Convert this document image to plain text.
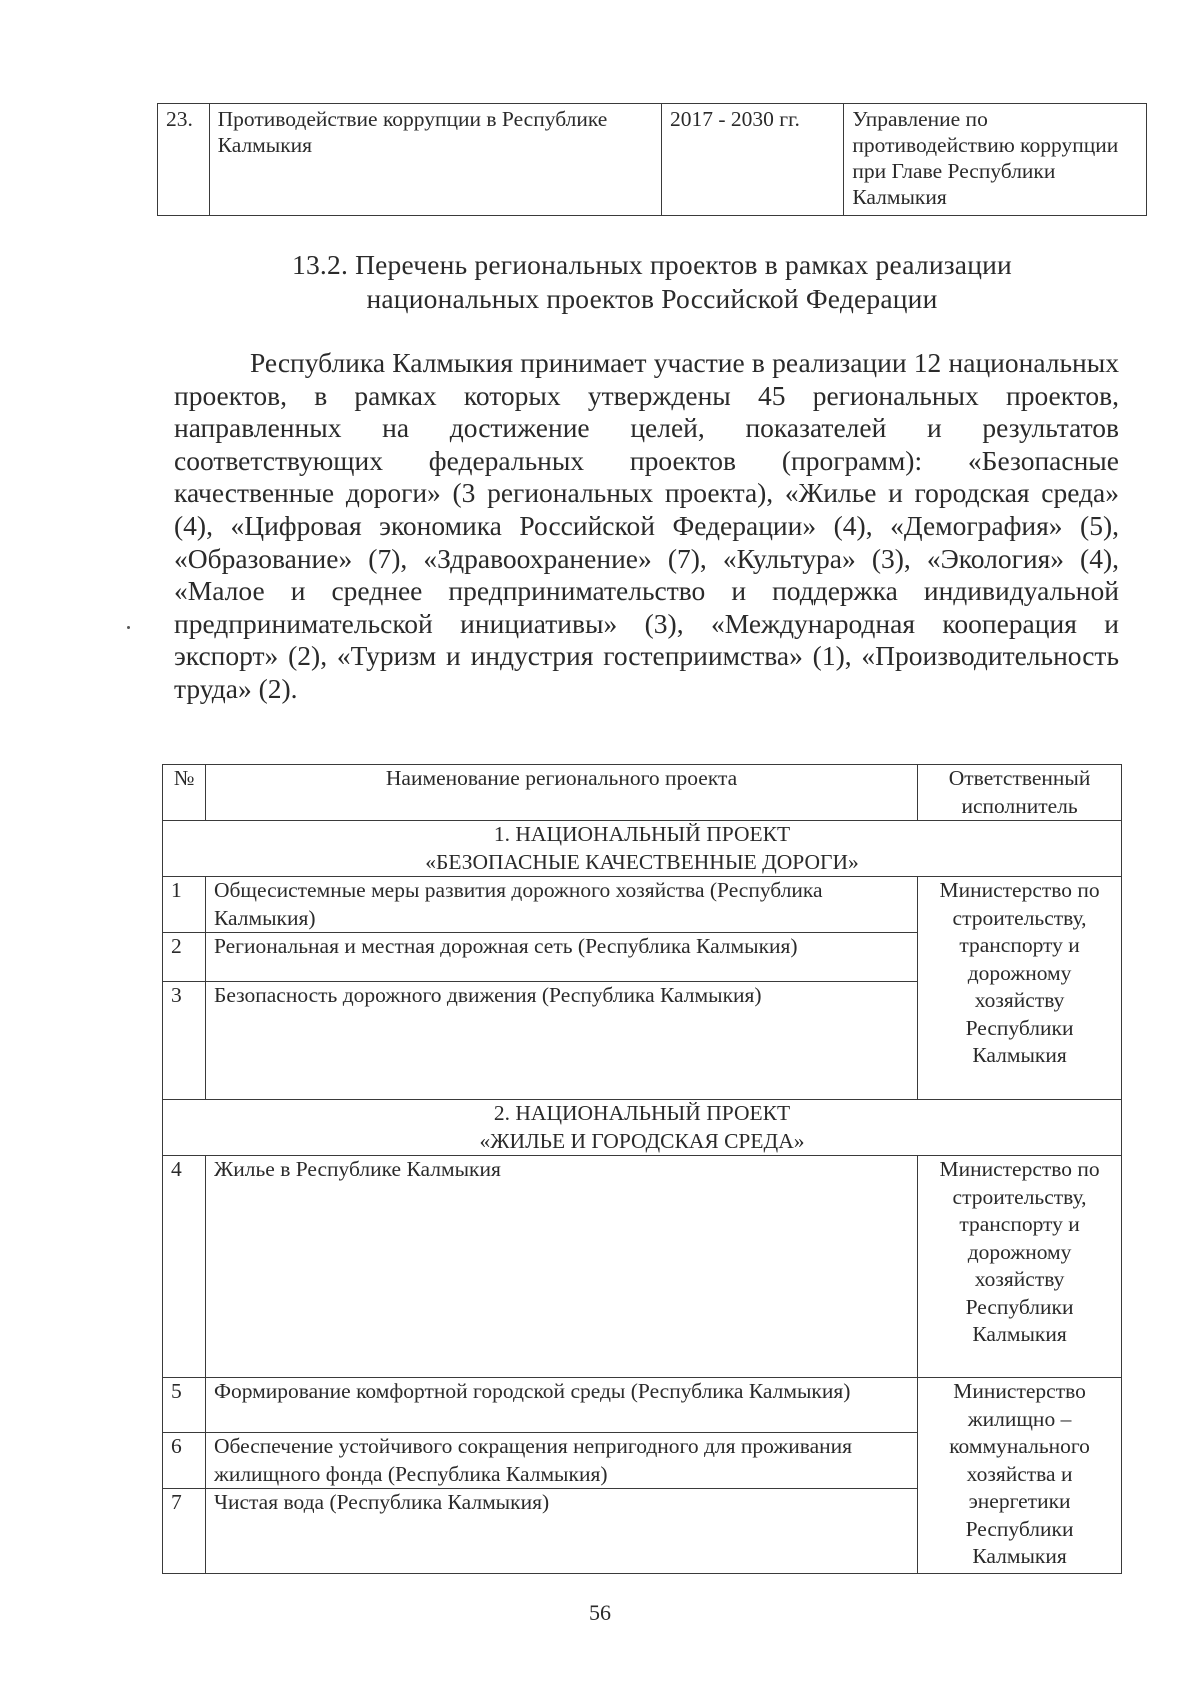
23.	Противодействие коррупции в Республике Калмыкия	2017 - 2030 гг.	Управление по противодействию коррупции при Главе Республики Калмыкия
13.2. Перечень региональных проектов в рамках реализации
национальных проектов Российской Федерации
Республика Калмыкия принимает участие в реализации 12 национальных проектов, в рамках которых утверждены 45 региональных проектов, направленных на достижение целей, показателей и результатов соответствующих федеральных проектов (программ): «Безопасные качественные дороги» (3 региональных проекта), «Жилье и городская среда» (4), «Цифровая экономика Российской Федерации» (4), «Демография» (5), «Образование» (7), «Здравоохранение» (7), «Культура» (3), «Экология» (4), «Малое и среднее предпринимательство и поддержка индивидуальной предпринимательской инициативы» (3), «Международная кооперация и экспорт» (2), «Туризм и индустрия гостеприимства» (1), «Производительность труда» (2).
№	Наименование регионального проекта	Ответственный исполнитель

1. НАЦИОНАЛЬНЫЙ ПРОЕКТ
«БЕЗОПАСНЫЕ КАЧЕСТВЕННЫЕ ДОРОГИ»		

1	Общесистемные меры развития дорожного хозяйства (Республика Калмыкия)	Министерство по строительству, транспорту и дорожному хозяйству Республики Калмыкия
2	Региональная и местная дорожная сеть (Республика Калмыкия)	
3	Безопасность дорожного движения (Республика Калмыкия)	

2. НАЦИОНАЛЬНЫЙ ПРОЕКТ
«ЖИЛЬЕ И ГОРОДСКАЯ СРЕДА»		

4	Жилье в Республике Калмыкия	Министерство по строительству, транспорту и дорожному хозяйству Республики Калмыкия
5	Формирование комфортной городской среды (Республика Калмыкия)	Министерство жилищно – коммунального хозяйства и энергетики Республики Калмыкия
6	Обеспечение устойчивого сокращения непригодного для проживания жилищного фонда (Республика Калмыкия)	
7	Чистая вода (Республика Калмыкия)	
56
